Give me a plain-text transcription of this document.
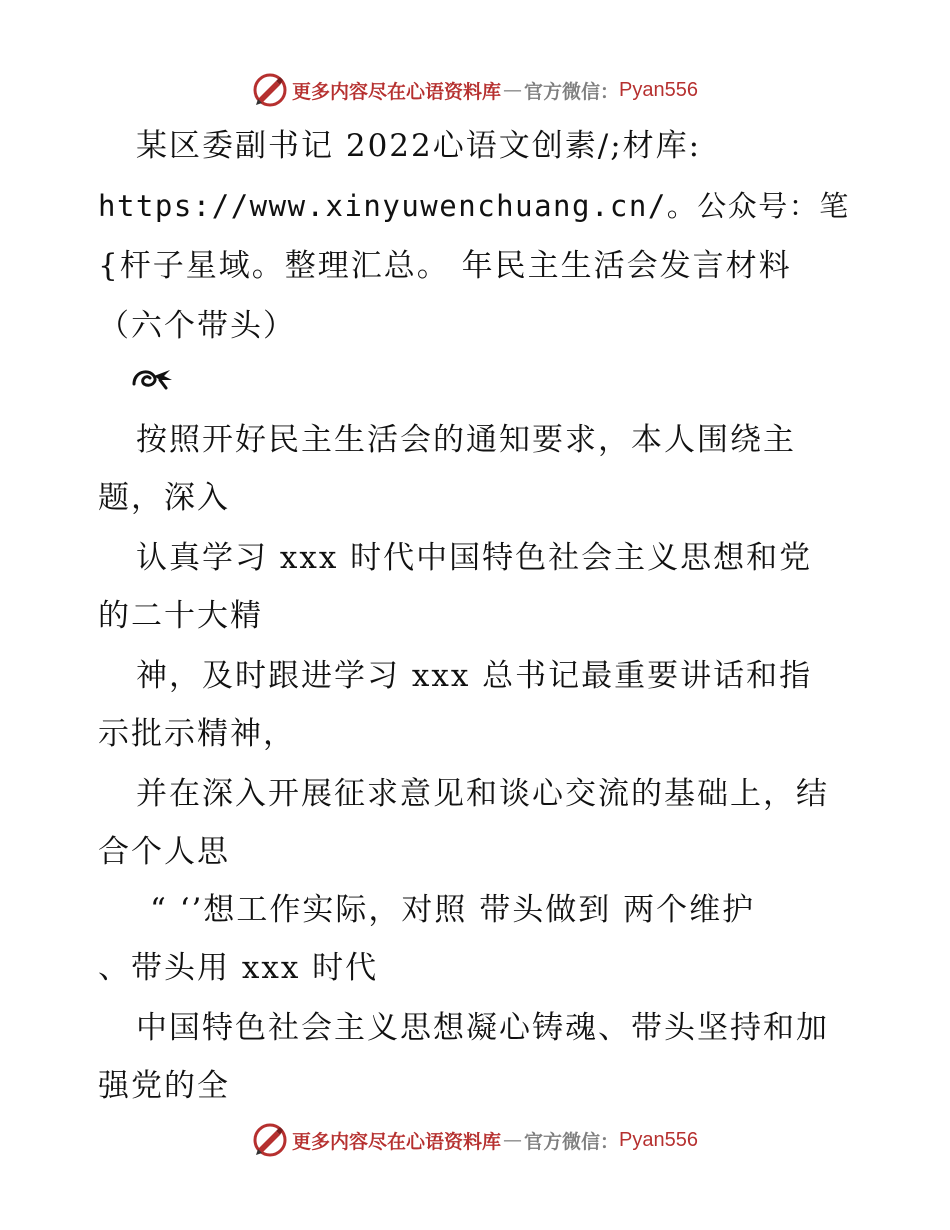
更多内容尽在心语资料库 — 官方微信： Pyan556
某区委副书记 2022心语文创素/;材库:
https://www.xinyuwenchuang.cn/。公众号：笔
{杆子星域。整理汇总。 年民主生活会发言材料
（六个带头）
按照开好民主生活会的通知要求，本人围绕主
题，深入
认真学习 xxx 时代中国特色社会主义思想和党
的二十大精
神，及时跟进学习 xxx 总书记最重要讲话和指
示批示精神，
并在深入开展征求意见和谈心交流的基础上，结
合个人思
“ ‘’想工作实际，对照 带头做到 两个维护
、带头用 xxx 时代
中国特色社会主义思想凝心铸魂、带头坚持和加
强党的全
更多内容尽在心语资料库 — 官方微信： Pyan556
